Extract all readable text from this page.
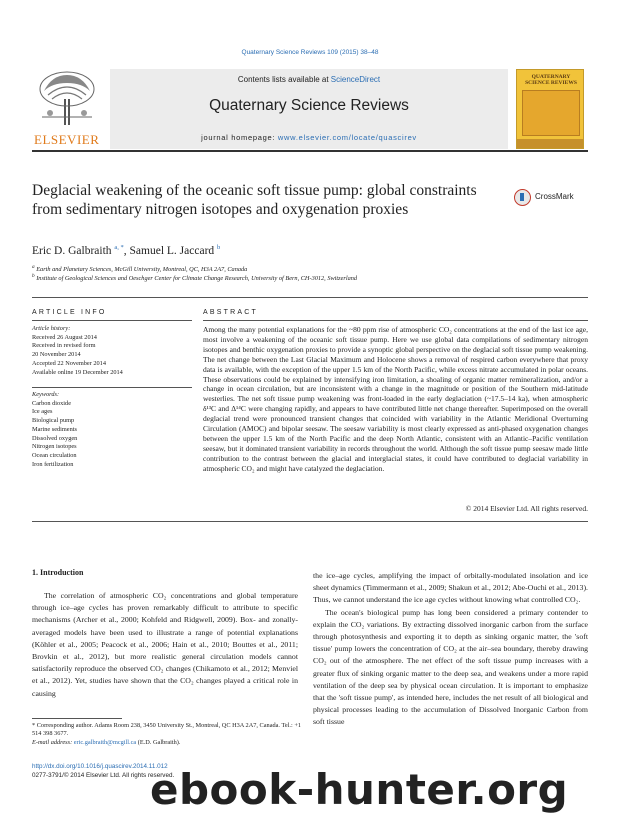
Quaternary Science Reviews 109 (2015) 38–48
ELSEVIER
Contents lists available at ScienceDirect
Quaternary Science Reviews
journal homepage: www.elsevier.com/locate/quascirev
QUATERNARY SCIENCE REVIEWS
Deglacial weakening of the oceanic soft tissue pump: global constraints from sedimentary nitrogen isotopes and oxygenation proxies
CrossMark
Eric D. Galbraith $^{a, *}$, Samuel L. Jaccard $^b$
$^a$ Earth and Planetary Sciences, McGill University, Montreal, QC, H3A 2A7, Canada
$^b$ Institute of Geological Sciences and Oeschger Center for Climate Change Research, University of Bern, CH-3012, Switzerland
ARTICLE INFO	ABSTRACT
Article history:
Received 26 August 2014
Received in revised form
20 November 2014
Accepted 22 November 2014
Available online 19 December 2014
Keywords:
Carbon dioxide
Ice ages
Biological pump
Marine sediments
Dissolved oxygen
Nitrogen isotopes
Ocean circulation
Iron fertilization
Among the many potential explanations for the ~80 ppm rise of atmospheric CO₂ concentrations at the end of the last ice age, most involve a weakening of the oceanic soft tissue pump. Here we use global data compilations of sedimentary nitrogen isotopes and benthic oxygenation proxies to provide a synoptic global perspective on the deglacial soft tissue pump weakening. The net change between the Last Glacial Maximum and Holocene shows a removal of respired carbon everywhere that proxy data is available, with the exception of the upper 1.5 km of the North Pacific, while excess nitrate accumulated in polar oceans. These observations could be explained by intensifying iron limitation, a shoaling of organic matter remineralization, and/or a change in ocean circulation, but are inconsistent with a change in the magnitude or position of the Southern mid-latitude westerlies. The net soft tissue pump weakening was front-loaded in the early deglaciation (~17.5–14 ka), when atmospheric δ¹³C and Δ¹⁴C were changing rapidly, and appears to have contributed little net change thereafter. Superimposed on the overall deglacial trend were pronounced transient changes that coincided with variability in the Atlantic Meridional Overturning Circulation (AMOC) and bipolar seesaw. The seesaw variability is most clearly expressed as anti-phased oxygenation changes between the upper 1.5 km of the North Pacific and the deep North Atlantic, consistent with an Atlantic–Pacific ventilation seesaw, but it dominated transient variability in records throughout the world. Although the soft tissue pump seesaw made little contribution to the contrast between the glacial and interglacial states, it could have contributed to deglacial variability in atmospheric CO₂ and might have catalyzed the deglaciation.
© 2014 Elsevier Ltd. All rights reserved.
1. Introduction
The correlation of atmospheric CO₂ concentrations and global temperature through ice–age cycles has proven remarkably difficult to attribute to specific mechanisms (Archer et al., 2000; Kohfeld and Ridgwell, 2009). Box- and zonally-averaged models have been used to illustrate a range of potential explanations (Köhler et al., 2005; Peacock et al., 2006; Hain et al., 2010; Bouttes et al., 2011; Brovkin et al., 2012), but more realistic general circulation models cannot satisfactorily reproduce the observed CO₂ changes (Chikamoto et al., 2012; Menviel et al., 2012). Yet, studies have shown that the CO₂ changes played a critical role in causing

the ice–age cycles, amplifying the impact of orbitally-modulated insolation and ice sheet dynamics (Timmermann et al., 2009; Shakun et al., 2012; Abe-Ouchi et al., 2013). Thus, we cannot understand the ice age cycles without knowing what controlled CO₂.

The ocean's biological pump has long been considered a primary contender to explain the CO₂ variations. By extracting dissolved inorganic carbon from the surface through photosynthesis and exporting it to depth as sinking organic matter, the 'soft tissue' pump lowers the concentration of CO₂ at the air–sea boundary, thereby drawing CO₂ out of the atmosphere. The net effect of the soft tissue pump increases with a greater flux of sinking organic matter to the deep sea, and weakens under a more rapid ventilation of the deep sea by physical ocean circulation. It is important to emphasize that the 'soft tissue pump', as intended here, includes the net result of all biological and physical processes leading to the accumulation of Dissolved Inorganic Carbon from soft tissue

* Corresponding author. Adams Room 238, 3450 University St., Montreal, QC H3A 2A7, Canada. Tel.: +1 514 398 3677.
E-mail address: eric.galbraith@mcgill.ca (E.D. Galbraith).
http://dx.doi.org/10.1016/j.quascirev.2014.11.012
0277-3791/© 2014 Elsevier Ltd. All rights reserved.
ebook-hunter.org
